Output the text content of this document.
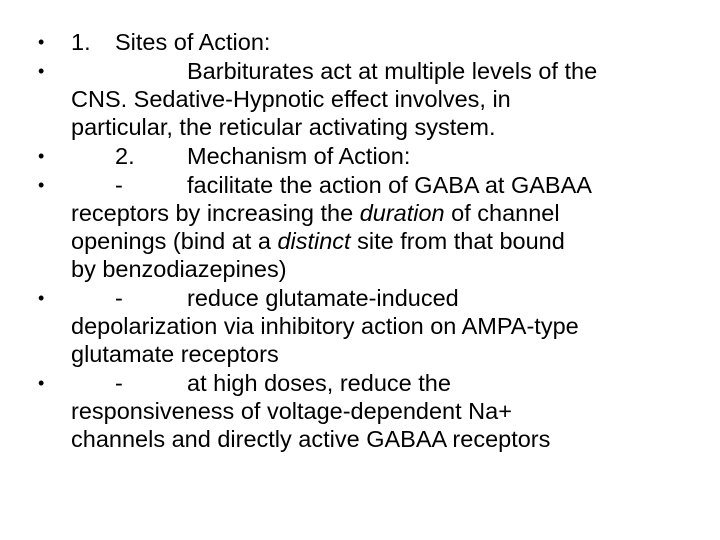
• 1. Sites of Action:
•	Barbiturates act at multiple levels of the
CNS. Sedative-Hypnotic effect involves, in
particular, the reticular activating system.
•	2. Mechanism of Action:
•	-	facilitate the action of GABA at GABAA
receptors by increasing the duration of channel
openings (bind at a distinct site from that bound
by benzodiazepines)
•	-	reduce glutamate-induced
depolarization via inhibitory action on AMPA-type
glutamate receptors
•	-	at high doses, reduce the
responsiveness of voltage-dependent Na+
channels and directly active GABAA receptors
